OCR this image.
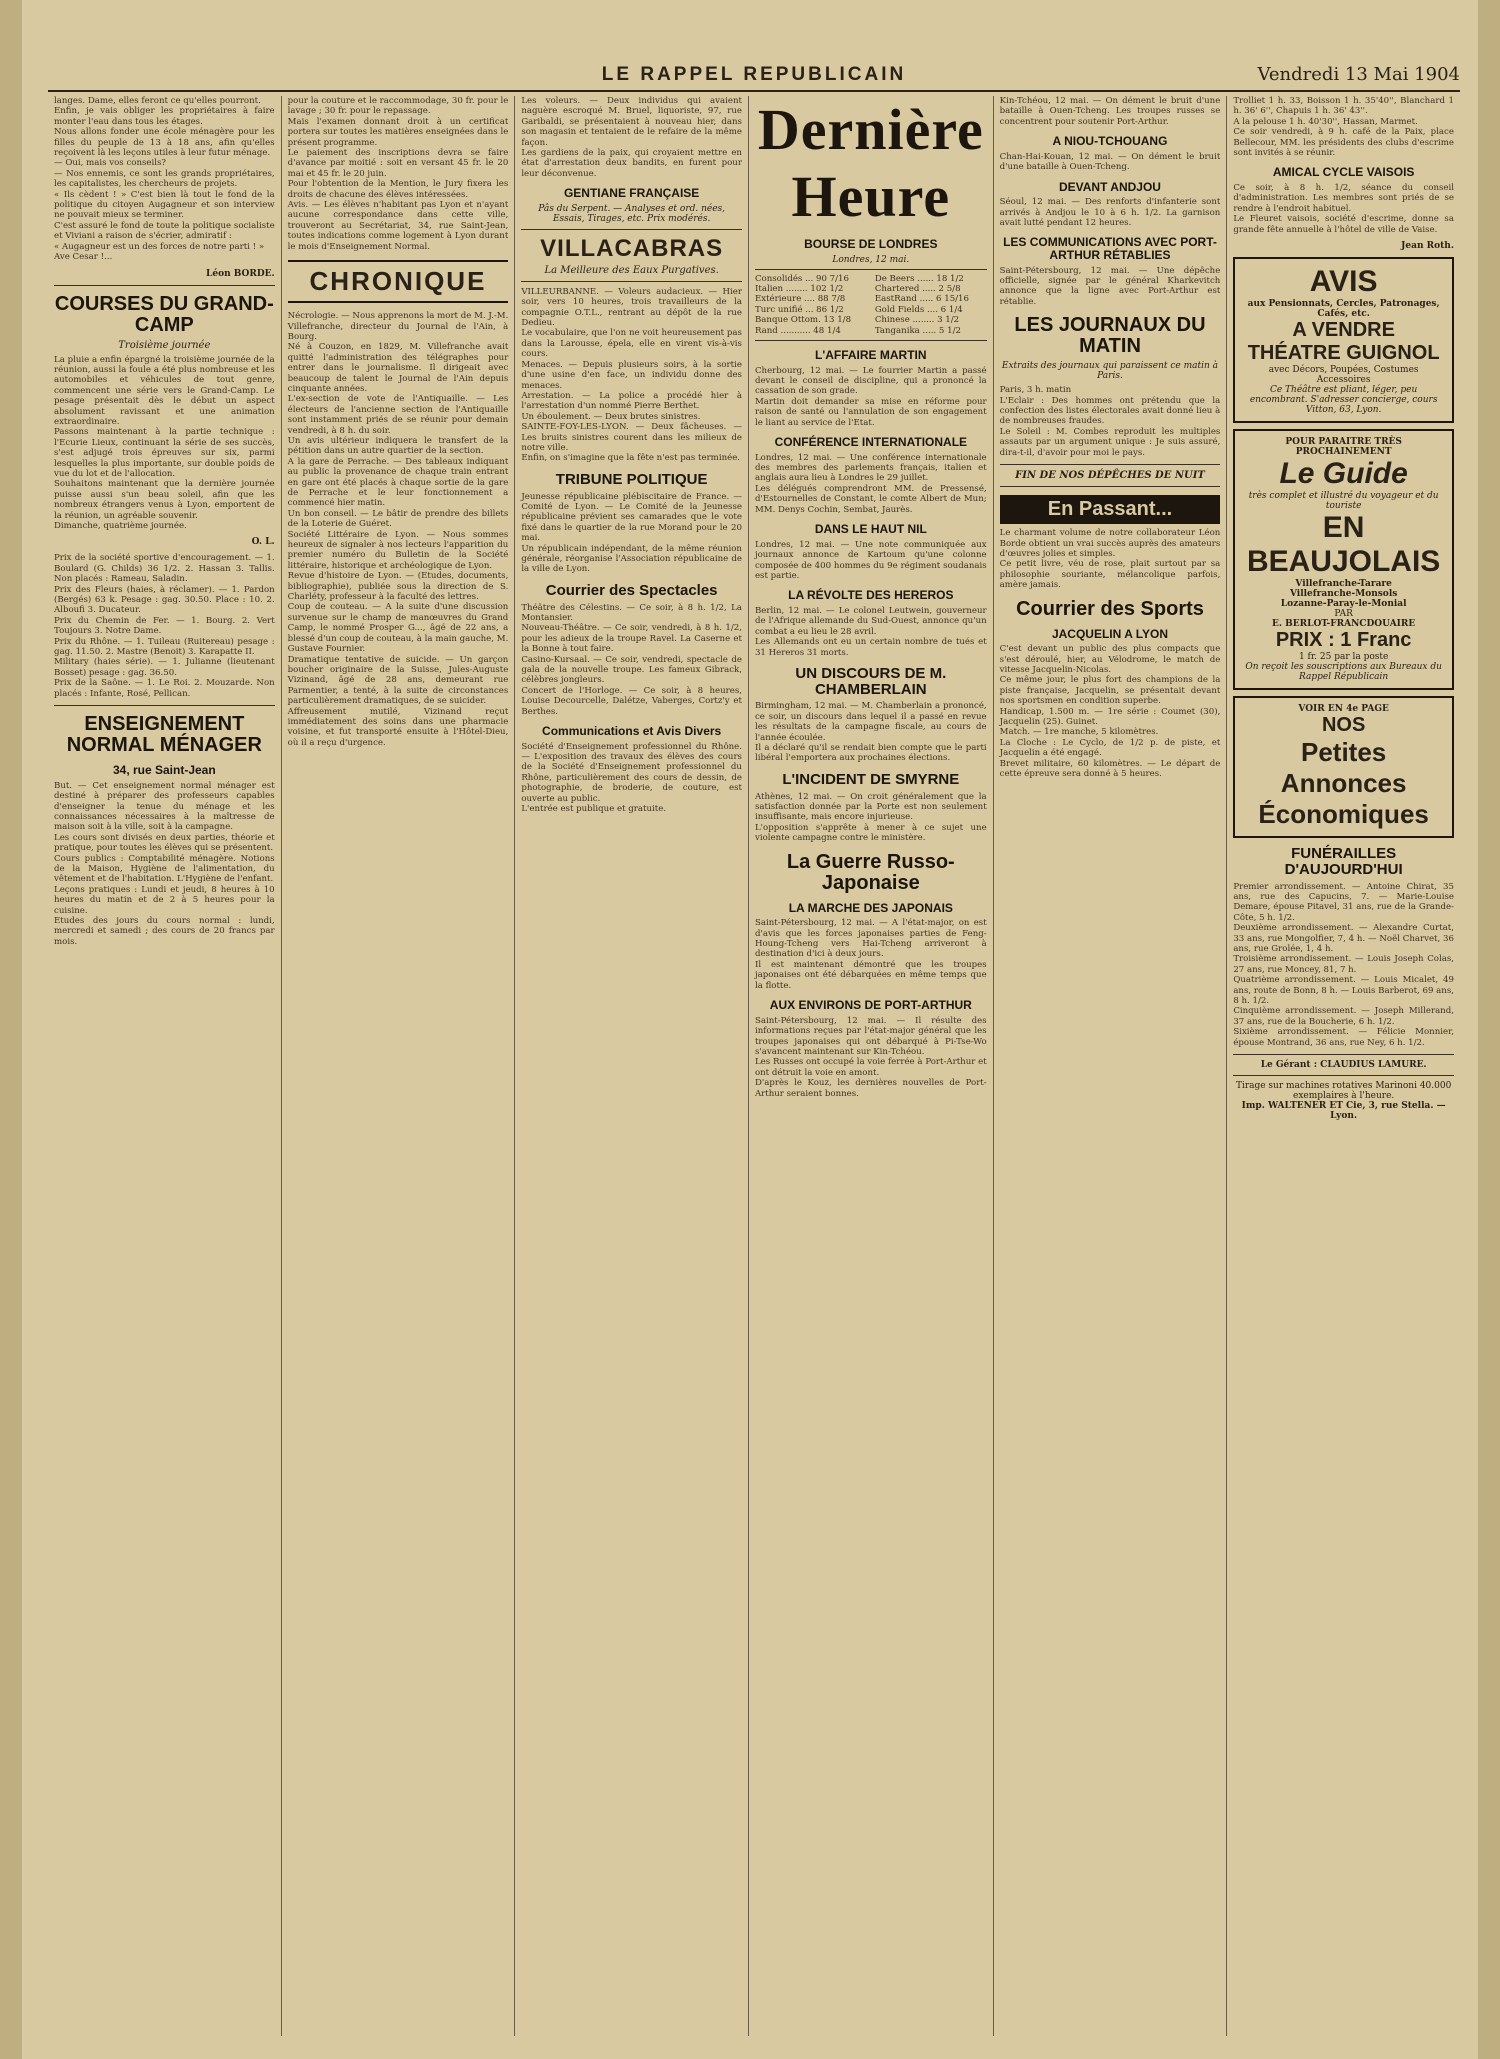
LE RAPPEL REPUBLICAIN	Vendredi 13 Mai 1904

langes. Dame, elles feront ce qu'elles pourront.
Enfin, je vais obliger les propriétaires à faire monter l'eau dans tous les étages.
Nous allons fonder une école ménagère pour les filles du peuple de 13 à 18 ans, afin qu'elles reçoivent là les leçons utiles à leur futur ménage.
— Oui, mais vos conseils?
— Nos ennemis, ce sont les grands propriétaires, les capitalistes, les chercheurs de projets.
« Ils cèdent ! » C'est bien là tout le fond de la politique du citoyen Augagneur et son interview ne pouvait mieux se terminer.
C'est assuré le fond de toute la politique socialiste et Viviani a raison de s'écrier, admiratif :
« Augagneur est un des forces de notre parti ! »
Ave Cesar !...

Léon BORDE.
COURSES DU GRAND-CAMP
Troisième journée

La pluie a enfin épargné la troisième journée de la réunion, aussi la foule a été plus nombreuse et les automobiles et véhicules de tout genre, commencent une série vers le Grand-Camp. Le pesage présentait dès le début un aspect absolument ravissant et une animation extraordinaire.
Passons maintenant à la partie technique : l'Ecurie Lieux, continuant la série de ses succès, s'est adjugé trois épreuves sur six, parmi lesquelles la plus importante, sur double poids de vue du lot et de l'allocation.
Souhaitons maintenant que la dernière journée puisse aussi s'un beau soleil, afin que les nombreux étrangers venus à Lyon, emportent de la réunion, un agréable souvenir.
Dimanche, quatrième journée.

O. L.

Prix de la société sportive d'encouragement. — 1. Boulard (G. Childs) 36 1/2. 2. Hassan 3. Tallis. Non placés : Rameau, Saladin.
Prix des Fleurs (haies, à réclamer). — 1. Pardon (Bergés) 63 k. Pesage : gag. 30.50. Place : 10. 2. Alboufi 3. Ducateur.
Prix du Chemin de Fer. — 1. Bourg. 2. Vert Toujours 3. Notre Dame.
Prix du Rhône. — 1. Tuileau (Ruitereau) pesage : gag. 11.50. 2. Mastre (Benoit) 3. Karapatte II.
Military (haies série). — 1. Julianne (lieutenant Bosset) pesage : gag. 36.50.
Prix de la Saône. — 1. Le Roi. 2. Mouzarde. Non placés : Infante, Rosé, Pellican.

ENSEIGNEMENT NORMAL MÉNAGER
34, rue Saint-Jean

But. — Cet enseignement normal ménager est destiné à préparer des professeurs capables d'enseigner la tenue du ménage et les connaissances nécessaires à la maîtresse de maison soit à la ville, soit à la campagne.
Les cours sont divisés en deux parties, théorie et pratique, pour toutes les élèves qui se présentent.
Cours publics : Comptabilité ménagère. Notions de la Maison, Hygiène de l'alimentation, du vêtement et de l'habitation. L'Hygiène de l'enfant.
Leçons pratiques : Lundi et jeudi, 8 heures à 10 heures du matin et de 2 à 5 heures pour la cuisine.
Etudes des jours du cours normal : lundi, mercredi et samedi ; des cours de 20 francs par mois.

pour la couture et le raccommodage, 30 fr. pour le lavage ; 30 fr. pour le repassage.
Mais l'examen donnant droit à un certificat portera sur toutes les matières enseignées dans le présent programme.
Le paiement des inscriptions devra se faire d'avance par moitié : soit en versant 45 fr. le 20 mai et 45 fr. le 20 juin.
Pour l'obtention de la Mention, le Jury fixera les droits de chacune des élèves intéressées.
Avis. — Les élèves n'habitant pas Lyon et n'ayant aucune correspondance dans cette ville, trouveront au Secrétariat, 34, rue Saint-Jean, toutes indications comme logement à Lyon durant le mois d'Enseignement Normal.

CHRONIQUE

Nécrologie. — Nous apprenons la mort de M. J.-M. Villefranche, directeur du Journal de l'Ain, à Bourg.
Né à Couzon, en 1829, M. Villefranche avait quitté l'administration des télégraphes pour entrer dans le journalisme. Il dirigeait avec beaucoup de talent le Journal de l'Ain depuis cinquante années.
L'ex-section de vote de l'Antiquaille. — Les électeurs de l'ancienne section de l'Antiquaille sont instamment priés de se réunir pour demain vendredi, à 8 h. du soir.
Un avis ultérieur indiquera le transfert de la pétition dans un autre quartier de la section.
A la gare de Perrache. — Des tableaux indiquant au public la provenance de chaque train entrant en gare ont été placés à chaque sortie de la gare de Perrache et le leur fonctionnement a commencé hier matin.
Un bon conseil. — Le bâtir de prendre des billets de la Loterie de Guéret.
Société Littéraire de Lyon. — Nous sommes heureux de signaler à nos lecteurs l'apparition du premier numéro du Bulletin de la Société littéraire, historique et archéologique de Lyon.
Revue d'histoire de Lyon. — (Etudes, documents, bibliographie), publiée sous la direction de S. Charléty, professeur à la faculté des lettres.
Coup de couteau. — A la suite d'une discussion survenue sur le champ de manœuvres du Grand Camp, le nommé Prosper G..., âgé de 22 ans, a blessé d'un coup de couteau, à la main gauche, M. Gustave Fournier.
Dramatique tentative de suicide. — Un garçon boucher originaire de la Suisse, Jules-Auguste Vizinand, âgé de 28 ans, demeurant rue Parmentier, a tenté, à la suite de circonstances particulièrement dramatiques, de se suicider.
Affreusement mutilé, Vizinand reçut immédiatement des soins dans une pharmacie voisine, et fut transporté ensuite à l'Hôtel-Dieu, où il a reçu d'urgence.

Les voleurs. — Deux individus qui avaient naguère escroqué M. Bruel, liquoriste, 97, rue Garibaldi, se présentaient à nouveau hier, dans son magasin et tentaient de le refaire de la même façon.
Les gardiens de la paix, qui croyaient mettre en état d'arrestation deux bandits, en furent pour leur déconvenue.

GENTIANE FRANÇAISE
Pâs du Serpent. — Analyses et ord. nées, Essais, Tirages, etc. Prix modérés.
VILLACABRAS
La Meilleure des Eaux Purgatives.

VILLEURBANNE. — Voleurs audacieux. — Hier soir, vers 10 heures, trois travailleurs de la compagnie O.T.L., rentrant au dépôt de la rue Dedieu.
Le vocabulaire, que l'on ne voit heureusement pas dans la Larousse, épela, elle en virent vis-à-vis cours.
Menaces. — Depuis plusieurs soirs, à la sortie d'une usine d'en face, un individu donne des menaces.
Arrestation. — La police a procédé hier à l'arrestation d'un nommé Pierre Berthet.
Un éboulement. — Deux brutes sinistres.
SAINTE-FOY-LES-LYON. — Deux fâcheuses. — Les bruits sinistres courent dans les milieux de notre ville.
Enfin, on s'imagine que la fête n'est pas terminée.

TRIBUNE POLITIQUE

Jeunesse républicaine plébiscitaire de France. — Comité de Lyon. — Le Comité de la Jeunesse républicaine prévient ses camarades que le vote fixé dans le quartier de la rue Morand pour le 20 mai.
Un républicain indépendant, de la même réunion générale, réorganise l'Association républicaine de la ville de Lyon.

Courrier des Spectacles

Théâtre des Célestins. — Ce soir, à 8 h. 1/2, La Montansier.
Nouveau-Théâtre. — Ce soir, vendredi, à 8 h. 1/2, pour les adieux de la troupe Ravel. La Caserne et la Bonne à tout faire.
Casino-Kursaal. — Ce soir, vendredi, spectacle de gala de la nouvelle troupe. Les fameux Gibrack, célèbres jongleurs.
Concert de l'Horloge. — Ce soir, à 8 heures, Louise Decourcelle, Dalétze, Vaberges, Cortz'y et Berthes.

Communications et Avis Divers

Société d'Enseignement professionnel du Rhône. — L'exposition des travaux des élèves des cours de la Société d'Enseignement professionnel du Rhône, particulièrement des cours de dessin, de photographie, de broderie, de couture, est ouverte au public.
L'entrée est publique et gratuite.

Dernière Heure
BOURSE DE LONDRES
Londres, 12 mai.
Consolidés ... 90 7/16
Italien ........ 102 1/2
Extérieure .... 88 7/8
Turc unifié ... 86 1/2
Banque Ottom. 13 1/8
Rand ........... 48 1/4
De Beers ...... 18 1/2
Chartered ..... 2 5/8
EastRand ..... 6 15/16
Gold Fields .... 6 1/4
Chinese ........ 3 1/2
Tanganika ..... 5 1/2
L'AFFAIRE MARTIN

Cherbourg, 12 mai. — Le fourrier Martin a passé devant le conseil de discipline, qui a prononcé la cassation de son grade.
Martin doit demander sa mise en réforme pour raison de santé ou l'annulation de son engagement le liant au service de l'Etat.

CONFÉRENCE INTERNATIONALE

Londres, 12 mai. — Une conférence internationale des membres des parlements français, italien et anglais aura lieu à Londres le 29 juillet.
Les délégués comprendront MM. de Pressensé, d'Estournelles de Constant, le comte Albert de Mun; MM. Denys Cochin, Sembat, Jaurès.

DANS LE HAUT NIL

Londres, 12 mai. — Une note communiquée aux journaux annonce de Kartoum qu'une colonne composée de 400 hommes du 9e régiment soudanais est partie.

LA RÉVOLTE DES HEREROS

Berlin, 12 mai. — Le colonel Leutwein, gouverneur de l'Afrique allemande du Sud-Ouest, annonce qu'un combat a eu lieu le 28 avril.
Les Allemands ont eu un certain nombre de tués et 31 Hereros 31 morts.

UN DISCOURS DE M. CHAMBERLAIN

Birmingham, 12 mai. — M. Chamberlain a prononcé, ce soir, un discours dans lequel il a passé en revue les résultats de la campagne fiscale, au cours de l'année écoulée.
Il a déclaré qu'il se rendait bien compte que le parti libéral l'emportera aux prochaines élections.

L'INCIDENT DE SMYRNE

Athènes, 12 mai. — On croit généralement que la satisfaction donnée par la Porte est non seulement insuffisante, mais encore injurieuse.
L'opposition s'apprête à mener à ce sujet une violente campagne contre le ministère.

La Guerre Russo-Japonaise
LA MARCHE DES JAPONAIS

Saint-Pétersbourg, 12 mai. — A l'état-major, on est d'avis que les forces japonaises parties de Feng-Houng-Tcheng vers Hai-Tcheng arriveront à destination d'ici à deux jours.
Il est maintenant démontré que les troupes japonaises ont été débarquées en même temps que la flotte.

AUX ENVIRONS DE PORT-ARTHUR

Saint-Pétersbourg, 12 mai. — Il résulte des informations reçues par l'état-major général que les troupes japonaises qui ont débarqué à Pi-Tse-Wo s'avancent maintenant sur Kin-Tchéou.
Les Russes ont occupé la voie ferrée à Port-Arthur et ont détruit la voie en amont.
D'après le Kouz, les dernières nouvelles de Port-Arthur seraient bonnes.

Kin-Tchéou, 12 mai. — On dément le bruit d'une bataille à Ouen-Tcheng. Les troupes russes se concentrent pour soutenir Port-Arthur.

A NIOU-TCHOUANG

Chan-Hai-Kouan, 12 mai. — On dément le bruit d'une bataille à Ouen-Tcheng.

DEVANT ANDJOU

Séoul, 12 mai. — Des renforts d'infanterie sont arrivés à Andjou le 10 à 6 h. 1/2. La garnison avait lutté pendant 12 heures.

LES COMMUNICATIONS AVEC PORT-ARTHUR RÉTABLIES

Saint-Pétersbourg, 12 mai. — Une dépêche officielle, signée par le général Kharkevitch annonce que la ligne avec Port-Arthur est rétablie.

LES JOURNAUX DU MATIN
Extraits des journaux qui paraissent ce matin à Paris.

Paris, 3 h. matin
L'Eclair : Des hommes ont prétendu que la confection des listes électorales avait donné lieu à de nombreuses fraudes.
Le Soleil : M. Combes reproduit les multiples assauts par un argument unique : Je suis assuré, dira-t-il, d'avoir pour moi le pays.

FIN DE NOS DÉPÊCHES DE NUIT
En Passant...

Le charmant volume de notre collaborateur Léon Borde obtient un vrai succès auprès des amateurs d'œuvres jolies et simples.
Ce petit livre, véu de rose, plait surtout par sa philosophie souriante, mélancolique parfois, amère jamais.

Courrier des Sports
JACQUELIN A LYON

C'est devant un public des plus compacts que s'est déroulé, hier, au Vélodrome, le match de vitesse Jacquelin-Nicolas.
Ce même jour, le plus fort des champions de la piste française, Jacquelin, se présentait devant nos sportsmen en condition superbe.
Handicap, 1.500 m. — 1re série : Coumet (30), Jacquelin (25). Guinet.
Match. — 1re manche, 5 kilomètres.
La Cloche : Le Cyclo, de 1/2 p. de piste, et Jacquelin a été engagé.
Brevet militaire, 60 kilomètres. — Le départ de cette épreuve sera donné à 5 heures.

Trolliet 1 h. 33, Boisson 1 h. 35'40'', Blanchard 1 h. 36' 6'', Chapuis 1 h. 36' 43''.
A la pelouse 1 h. 40'30'', Hassan, Marmet.
Ce soir vendredi, à 9 h. café de la Paix, place Bellecour, MM. les présidents des clubs d'escrime sont invités à se réunir.

AMICAL CYCLE VAISOIS

Ce soir, à 8 h. 1/2, séance du conseil d'administration. Les membres sont priés de se rendre à l'endroit habituel.
Le Fleuret vaisois, société d'escrime, donne sa grande fête annuelle à l'hôtel de ville de Vaise.

Jean Roth.
AVIS
aux Pensionnats, Cercles, Patronages, Cafés, etc.
A VENDRE
THÉATRE GUIGNOL
avec Décors, Poupées, Costumes Accessoires
Ce Théâtre est pliant, léger, peu encombrant. S'adresser concierge, cours Vitton, 63, Lyon.
POUR PARAITRE TRÈS PROCHAINEMENT
Le Guide
très complet et illustré du voyageur et du touriste
EN BEAUJOLAIS
Villefranche-Tarare
Villefranche-Monsols
Lozanne-Paray-le-Monial
PAR
E. BERLOT-FRANCDOUAIRE
PRIX : 1 Franc
1 fr. 25 par la poste
On reçoit les souscriptions aux Bureaux du Rappel Républicain
VOIR EN 4e PAGE
NOS
Petites Annonces
Économiques
FUNÉRAILLES D'AUJOURD'HUI

Premier arrondissement. — Antoine Chirat, 35 ans, rue des Capucins, 7. — Marie-Louise Demare, épouse Pitavel, 31 ans, rue de la Grande-Côte, 5 h. 1/2.
Deuxième arrondissement. — Alexandre Curtat, 33 ans, rue Mongolfier, 7, 4 h. — Noël Charvet, 36 ans, rue Grolée, 1, 4 h.
Troisième arrondissement. — Louis Joseph Colas, 27 ans, rue Moncey, 81, 7 h.
Quatrième arrondissement. — Louis Micalet, 49 ans, route de Bonn, 8 h. — Louis Barberot, 69 ans, 8 h. 1/2.
Cinquième arrondissement. — Joseph Millerand, 37 ans, rue de la Boucherie, 6 h. 1/2.
Sixième arrondissement. — Félicie Monnier, épouse Montrand, 36 ans, rue Ney, 6 h. 1/2.

Le Gérant : CLAUDIUS LAMURE.
Tirage sur machines rotatives Marinoni 40.000 exemplaires à l'heure.
Imp. WALTENER ET Cie, 3, rue Stella. — Lyon.
